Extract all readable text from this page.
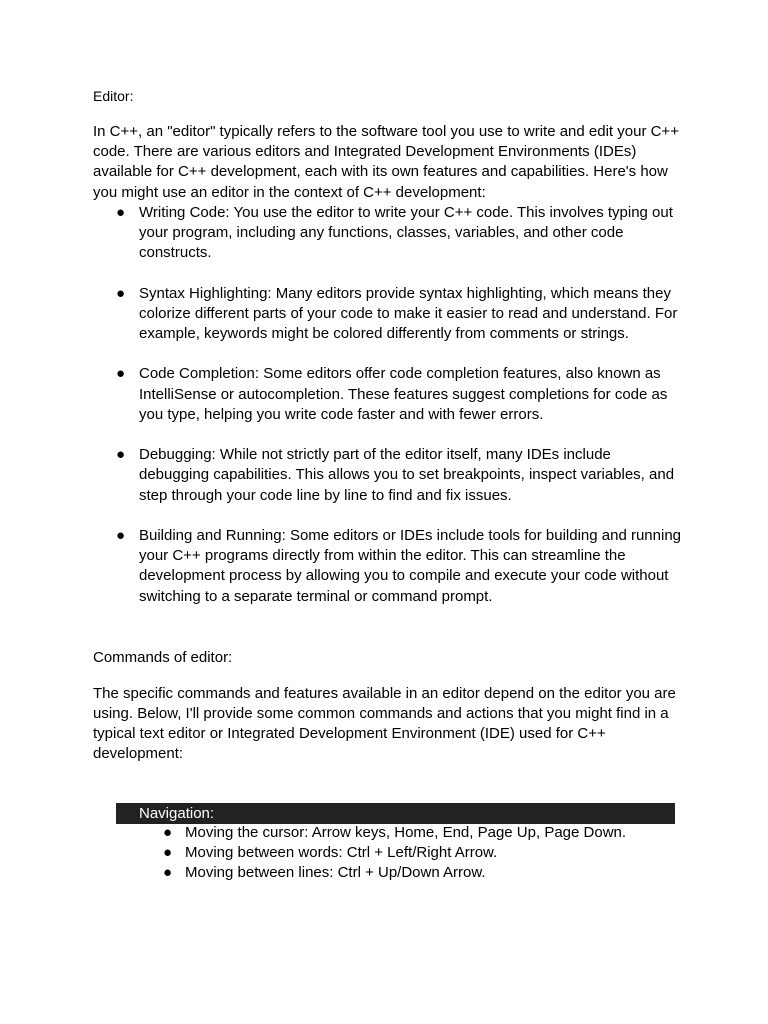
Editor:

In C++, an "editor" typically refers to the software tool you use to write and edit your C++ code. There are various editors and Integrated Development Environments (IDEs) available for C++ development, each with its own features and capabilities. Here's how you might use an editor in the context of C++ development:

● Writing Code: You use the editor to write your C++ code. This involves typing out your program, including any functions, classes, variables, and other code constructs.
● Syntax Highlighting: Many editors provide syntax highlighting, which means they colorize different parts of your code to make it easier to read and understand. For example, keywords might be colored differently from comments or strings.
● Code Completion: Some editors offer code completion features, also known as IntelliSense or autocompletion. These features suggest completions for code as you type, helping you write code faster and with fewer errors.
● Debugging: While not strictly part of the editor itself, many IDEs include debugging capabilities. This allows you to set breakpoints, inspect variables, and step through your code line by line to find and fix issues.
● Building and Running: Some editors or IDEs include tools for building and running your C++ programs directly from within the editor. This can streamline the development process by allowing you to compile and execute your code without switching to a separate terminal or command prompt.

Commands of editor:

The specific commands and features available in an editor depend on the editor you are using. Below, I'll provide some common commands and actions that you might find in a typical text editor or Integrated Development Environment (IDE) used for C++ development:

Navigation:
● Moving the cursor: Arrow keys, Home, End, Page Up, Page Down.
● Moving between words: Ctrl + Left/Right Arrow.
● Moving between lines: Ctrl + Up/Down Arrow.
